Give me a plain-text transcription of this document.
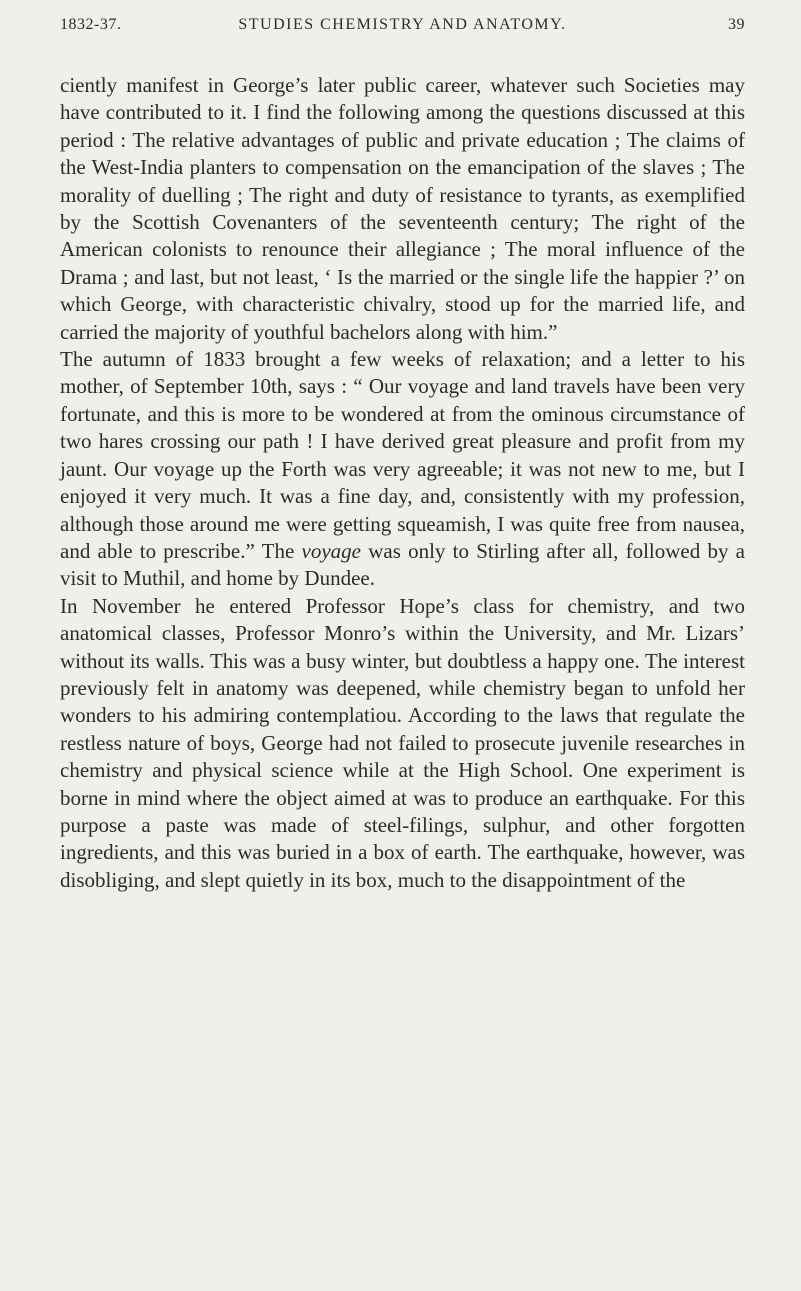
1832-37.	STUDIES CHEMISTRY AND ANATOMY.	39

ciently manifest in George’s later public career, whatever such Societies may have contributed to it. I find the following among the questions discussed at this period : The relative advantages of public and private education ; The claims of the West-India planters to compensation on the emancipation of the slaves ; The morality of duelling ; The right and duty of resistance to tyrants, as exemplified by the Scottish Covenanters of the seventeenth century; The right of the American colonists to renounce their allegiance ; The moral influence of the Drama ; and last, but not least, ‘ Is the married or the single life the happier ?’ on which George, with characteristic chivalry, stood up for the married life, and carried the majority of youthful bachelors along with him.”

The autumn of 1833 brought a few weeks of relaxation; and a letter to his mother, of September 10th, says : “ Our voyage and land travels have been very fortunate, and this is more to be wondered at from the ominous circumstance of two hares crossing our path ! I have derived great pleasure and profit from my jaunt. Our voyage up the Forth was very agreeable; it was not new to me, but I enjoyed it very much. It was a fine day, and, consistently with my profession, although those around me were getting squeamish, I was quite free from nausea, and able to prescribe.” The voyage was only to Stirling after all, followed by a visit to Muthil, and home by Dundee.

In November he entered Professor Hope’s class for chemistry, and two anatomical classes, Professor Monro’s within the University, and Mr. Lizars’ without its walls. This was a busy winter, but doubtless a happy one. The interest previously felt in anatomy was deepened, while chemistry began to unfold her wonders to his admiring contemplatiou. According to the laws that regulate the restless nature of boys, George had not failed to prosecute juvenile researches in chemistry and physical science while at the High School. One experiment is borne in mind where the object aimed at was to produce an earthquake. For this purpose a paste was made of steel-filings, sulphur, and other forgotten ingredients, and this was buried in a box of earth. The earthquake, however, was disobliging, and slept quietly in its box, much to the disappointment of the
